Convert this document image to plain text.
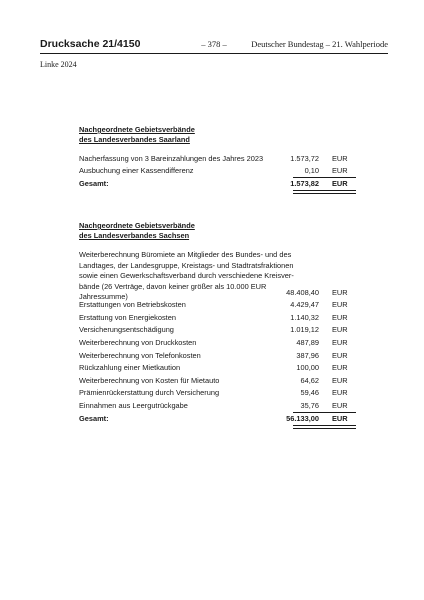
Drucksache 21/4150	– 378 –	Deutscher Bundestag – 21. Wahlperiode
Linke 2024
Nachgeordnete Gebietsverbände
des Landesverbandes Saarland
Nacherfassung von 3 Bareinzahlungen des Jahres 2023	1.573,72 EUR
Ausbuchung einer Kassendifferenz	0,10 EUR
Gesamt:	1.573,82 EUR
Nachgeordnete Gebietsverbände
des Landesverbandes Sachsen
Weiterberechnung Büromiete an Mitglieder des Bundes- und des
Landtages, der Landesgruppe, Kreistags- und Stadtratsfraktionen
sowie einen Gewerkschaftsverband durch verschiedene Kreisver-
bände (26 Verträge, davon keiner größer als 10.000 EUR
Jahressumme)	48.408,40 EUR
Erstattungen von Betriebskosten	4.429,47 EUR
Erstattung von Energiekosten	1.140,32 EUR
Versicherungsentschädigung	1.019,12 EUR
Weiterberechnung von Druckkosten	487,89 EUR
Weiterberechnung von Telefonkosten	387,96 EUR
Rückzahlung einer Mietkaution	100,00 EUR
Weiterberechnung von Kosten für Mietauto	64,62 EUR
Prämienrückerstattung durch Versicherung	59,46 EUR
Einnahmen aus Leergutrückgabe	35,76 EUR
Gesamt:	56.133,00 EUR
